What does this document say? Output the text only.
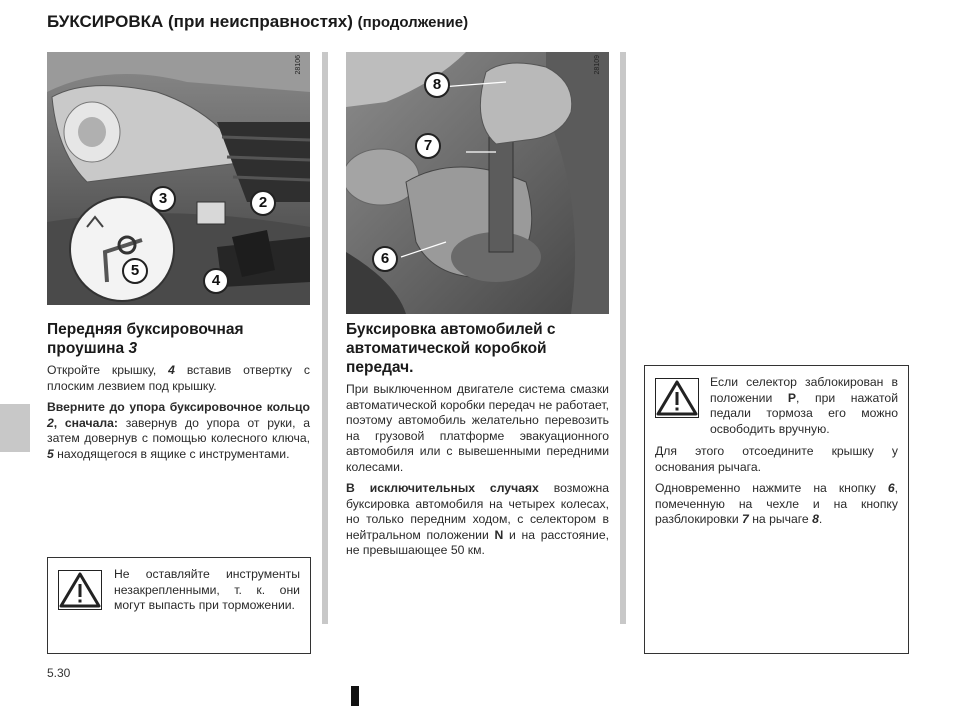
БУКСИРОВКА (при неисправностях) (продолжение)
28106
3	2
5
4
Передняя буксировочная проушина 3

Откройте крышку, 4 вставив отвертку с плоским лезвием под крышку.

Вверните до упора буксировочное кольцо 2, сначала: завернув до упора от руки, а затем довернув с помощью колесного ключа, 5 находящегося в ящике с инструментами.

Не оставляйте инструменты незакрепленными, т. к. они могут выпасть при торможении.
28109
8
7
6
Буксировка автомобилей с автоматической коробкой передач.

При выключенном двигателе система смазки автоматической коробки передач не работает, поэтому автомобиль желательно перевозить на грузовой платформе эвакуационного автомобиля или с вывешенными передними колесами.

В исключительных случаях возможна буксировка автомобиля на четырех колесах, но только передним ходом, с селектором в нейтральном положении N и на расстояние, не превышающее 50 км.

Если селектор заблокирован в положении P, при нажатой педали тормоза его можно освободить вручную.

Для этого отсоедините крышку у основания рычага.

Одновременно нажмите на кнопку 6, помеченную на чехле и на кнопку разблокировки 7 на рычаге 8.

5.30
